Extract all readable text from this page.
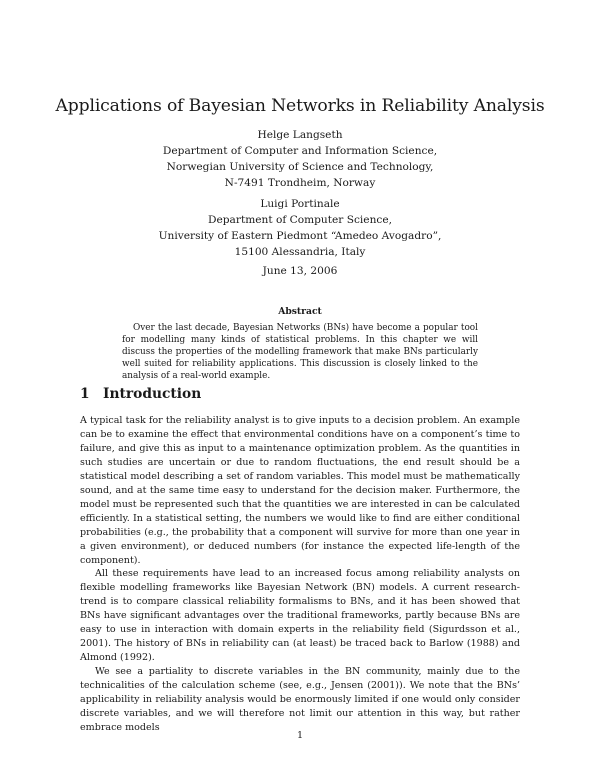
Applications of Bayesian Networks in Reliability Analysis
Helge Langseth
Department of Computer and Information Science,
Norwegian University of Science and Technology,
N-7491 Trondheim, Norway
Luigi Portinale
Department of Computer Science,
University of Eastern Piedmont “Amedeo Avogadro”,
15100 Alessandria, Italy
June 13, 2006
Abstract
Over the last decade, Bayesian Networks (BNs) have become a popular tool for modelling many kinds of statistical problems. In this chapter we will discuss the properties of the modelling framework that make BNs particularly well suited for reliability applications. This discussion is closely linked to the analysis of a real-world example.
1 Introduction

A typical task for the reliability analyst is to give inputs to a decision problem. An example can be to examine the effect that environmental conditions have on a component’s time to failure, and give this as input to a maintenance optimization problem. As the quantities in such studies are uncertain or due to random fluctuations, the end result should be a statistical model describing a set of random variables. This model must be mathematically sound, and at the same time easy to understand for the decision maker. Furthermore, the model must be represented such that the quantities we are interested in can be calculated efficiently. In a statistical setting, the numbers we would like to find are either conditional probabilities (e.g., the probability that a component will survive for more than one year in a given environment), or deduced numbers (for instance the expected life-length of the component).

All these requirements have lead to an increased focus among reliability analysts on flexible modelling frameworks like Bayesian Network (BN) models. A current research-trend is to compare classical reliability formalisms to BNs, and it has been showed that BNs have significant advantages over the traditional frameworks, partly because BNs are easy to use in interaction with domain experts in the reliability field (Sigurdsson et al., 2001). The history of BNs in reliability can (at least) be traced back to Barlow (1988) and Almond (1992).

We see a partiality to discrete variables in the BN community, mainly due to the technicalities of the calculation scheme (see, e.g., Jensen (2001)). We note that the BNs’ applicability in reliability analysis would be enormously limited if one would only consider discrete variables, and we will therefore not limit our attention in this way, but rather embrace models

1
